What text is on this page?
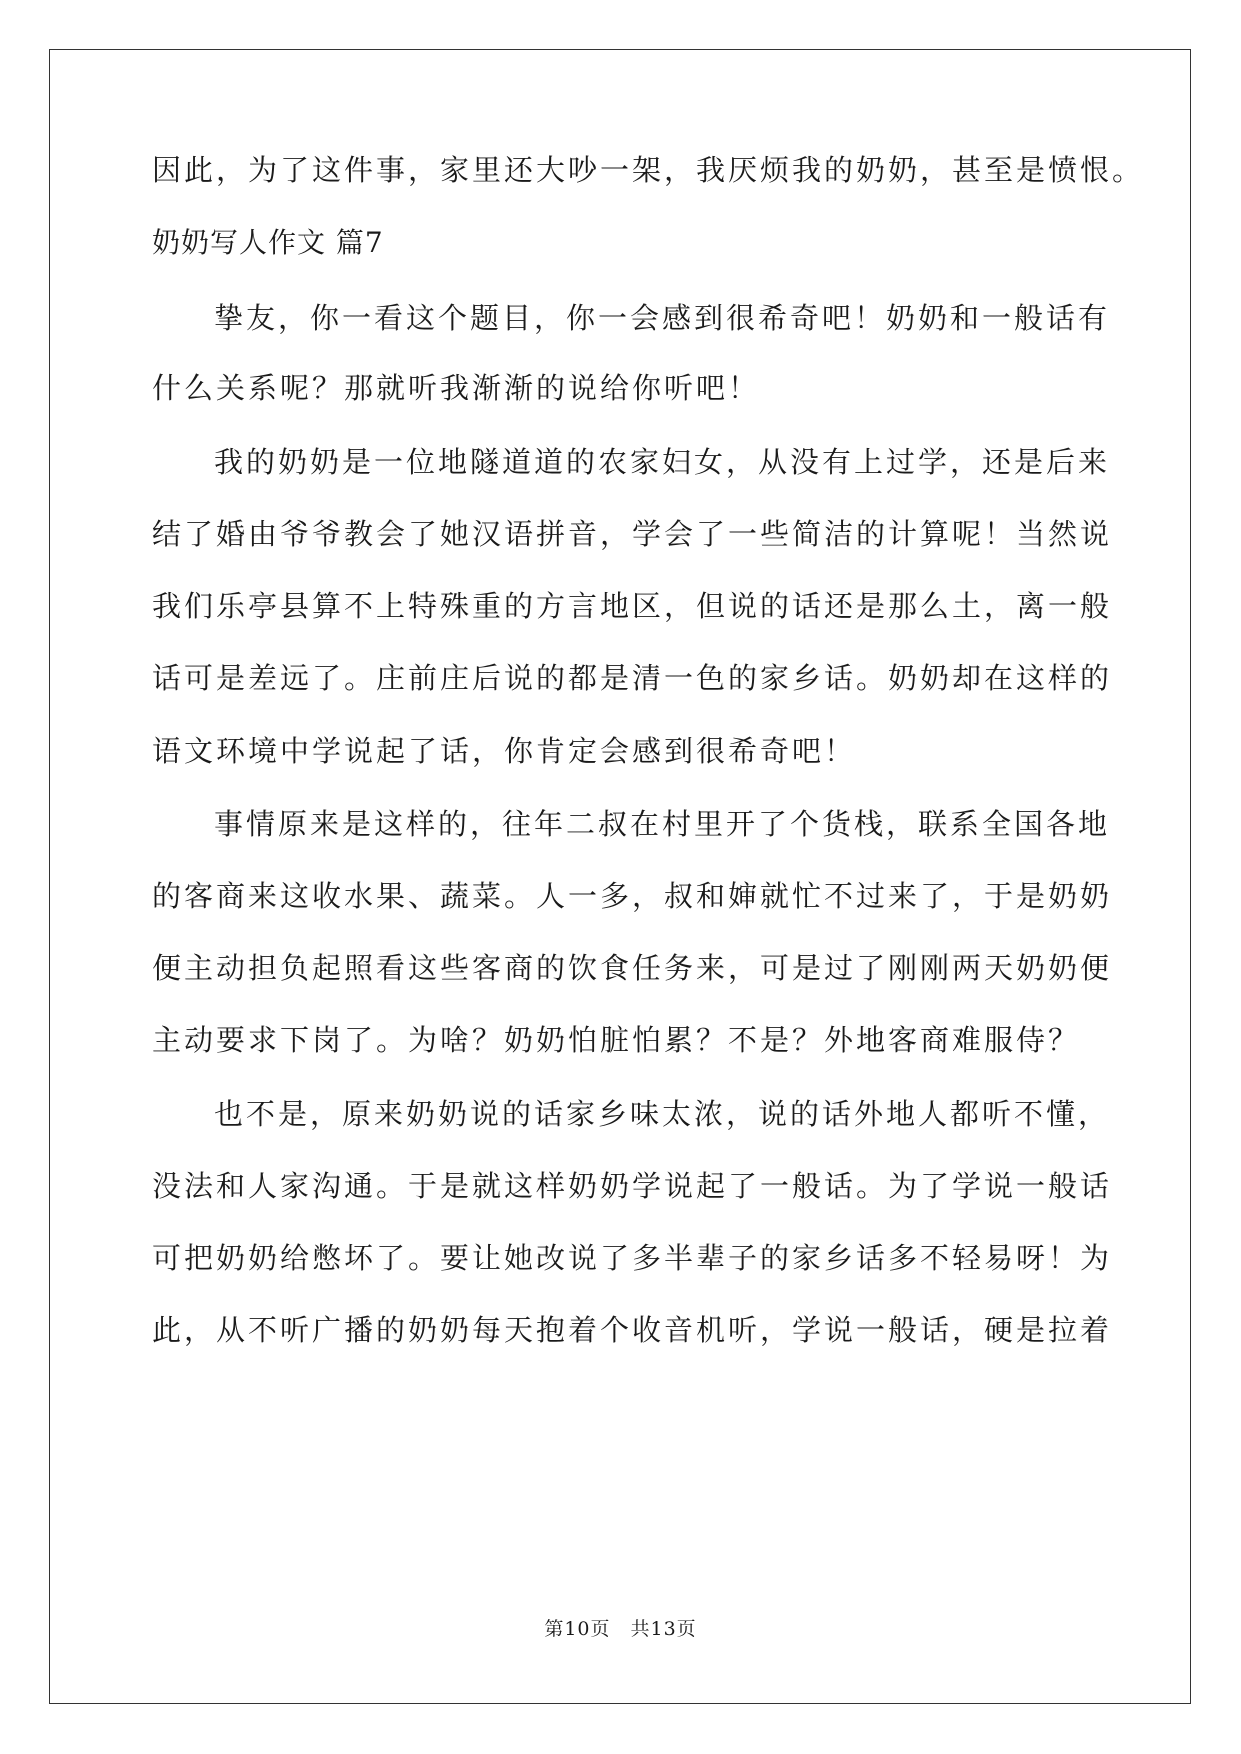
因此，为了这件事，家里还大吵一架，我厌烦我的奶奶，甚至是愤恨。
奶奶写人作文 篇7
挚友，你一看这个题目，你一会感到很希奇吧！奶奶和一般话有
什么关系呢？那就听我渐渐的说给你听吧！
我的奶奶是一位地隧道道的农家妇女，从没有上过学，还是后来
结了婚由爷爷教会了她汉语拼音，学会了一些简洁的计算呢！当然说
我们乐亭县算不上特殊重的方言地区，但说的话还是那么土，离一般
话可是差远了。庄前庄后说的都是清一色的家乡话。奶奶却在这样的
语文环境中学说起了话，你肯定会感到很希奇吧！
事情原来是这样的，往年二叔在村里开了个货栈，联系全国各地
的客商来这收水果、蔬菜。人一多，叔和婶就忙不过来了，于是奶奶
便主动担负起照看这些客商的饮食任务来，可是过了刚刚两天奶奶便
主动要求下岗了。为啥？奶奶怕脏怕累？不是？外地客商难服侍？
也不是，原来奶奶说的话家乡味太浓，说的话外地人都听不懂，
没法和人家沟通。于是就这样奶奶学说起了一般话。为了学说一般话
可把奶奶给憋坏了。要让她改说了多半辈子的家乡话多不轻易呀！为
此，从不听广播的奶奶每天抱着个收音机听，学说一般话，硬是拉着
第10页　共13页
